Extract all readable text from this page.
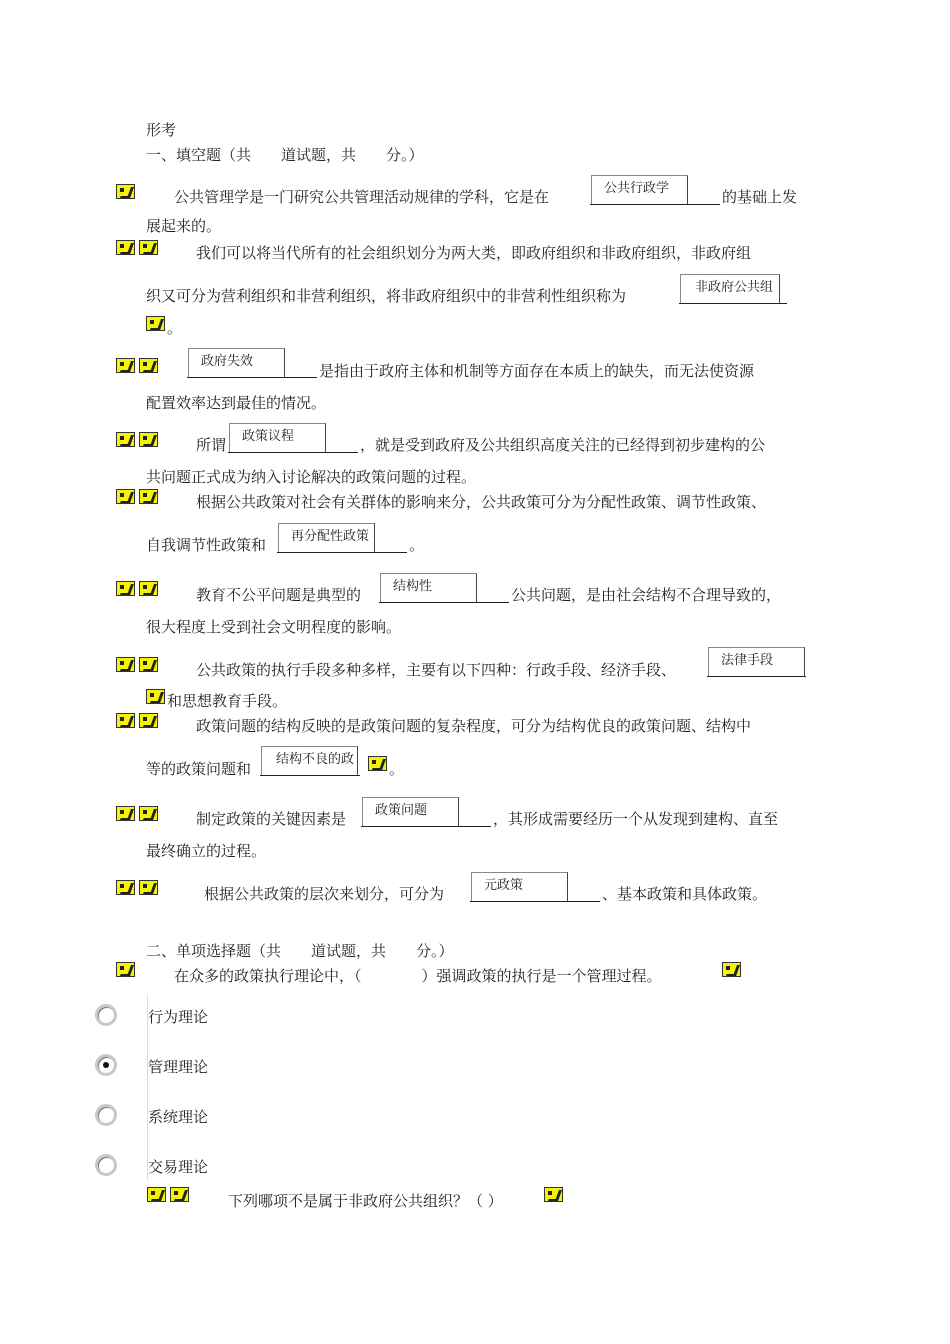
形考
一、填空题（共　　道试题，共　　分。）
公共管理学是一门研究公共管理活动规律的学科，它是在	公共行政学	的基础上发
展起来的。
我们可以将当代所有的社会组织划分为两大类，即政府组织和非政府组织，非政府组
织又可分为营利组织和非营利组织，将非政府组织中的非营利性组织称为	非政府公共组
。
政府失效
是指由于政府主体和机制等方面存在本质上的缺失，而无法使资源
配置效率达到最佳的情况。
所谓	政策议程	，就是受到政府及公共组织高度关注的已经得到初步建构的公
共问题正式成为纳入讨论解决的政策问题的过程。
根据公共政策对社会有关群体的影响来分，公共政策可分为分配性政策、调节性政策、
自我调节性政策和	再分配性政策	。
教育不公平问题是典型的	结构性	公共问题，是由社会结构不合理导致的，
很大程度上受到社会文明程度的影响。
公共政策的执行手段多种多样，主要有以下四种：行政手段、经济手段、
法律手段
和思想教育手段。
政策问题的结构反映的是政策问题的复杂程度，可分为结构优良的政策问题、结构中
等的政策问题和
结构不良的政
。
制定政策的关键因素是	政策问题	，其形成需要经历一个从发现到建构、直至
最终确立的过程。
根据公共政策的层次来划分，可分为	元政策	、基本政策和具体政策。
二、单项选择题（共　　道试题，共　　分。）
在众多的政策执行理论中，（　　　　）强调政策的执行是一个管理过程。
行为理论
管理理论
系统理论
交易理论
下列哪项不是属于非政府公共组织？（ ）
